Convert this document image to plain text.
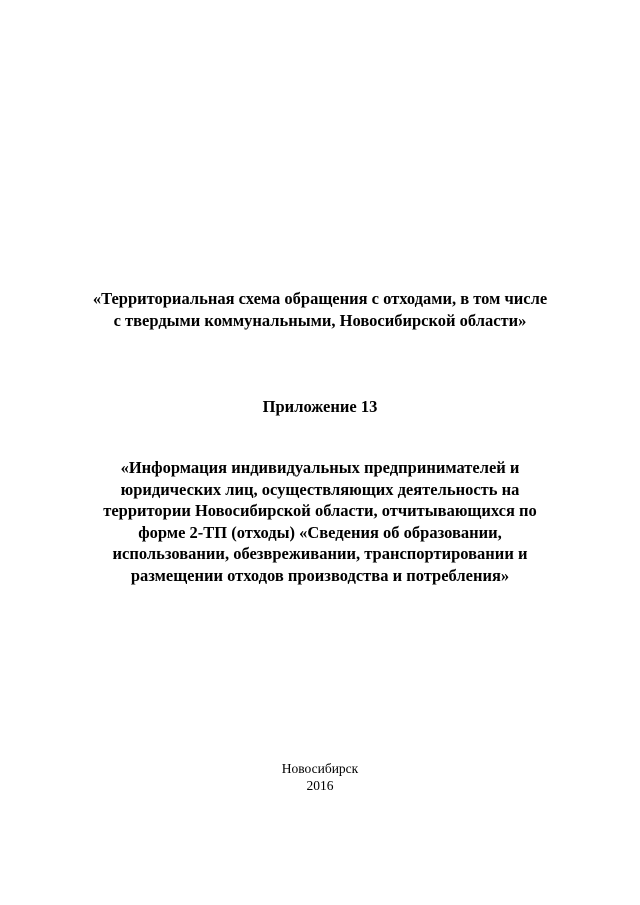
«Территориальная схема обращения с отходами, в том числе
с твердыми коммунальными, Новосибирской области»
Приложение 13
«Информация индивидуальных предпринимателей и
юридических лиц, осуществляющих деятельность на
территории Новосибирской области, отчитывающихся по
форме 2-ТП (отходы) «Сведения об образовании,
использовании, обезвреживании, транспортировании и
размещении отходов производства и потребления»
Новосибирск
2016
